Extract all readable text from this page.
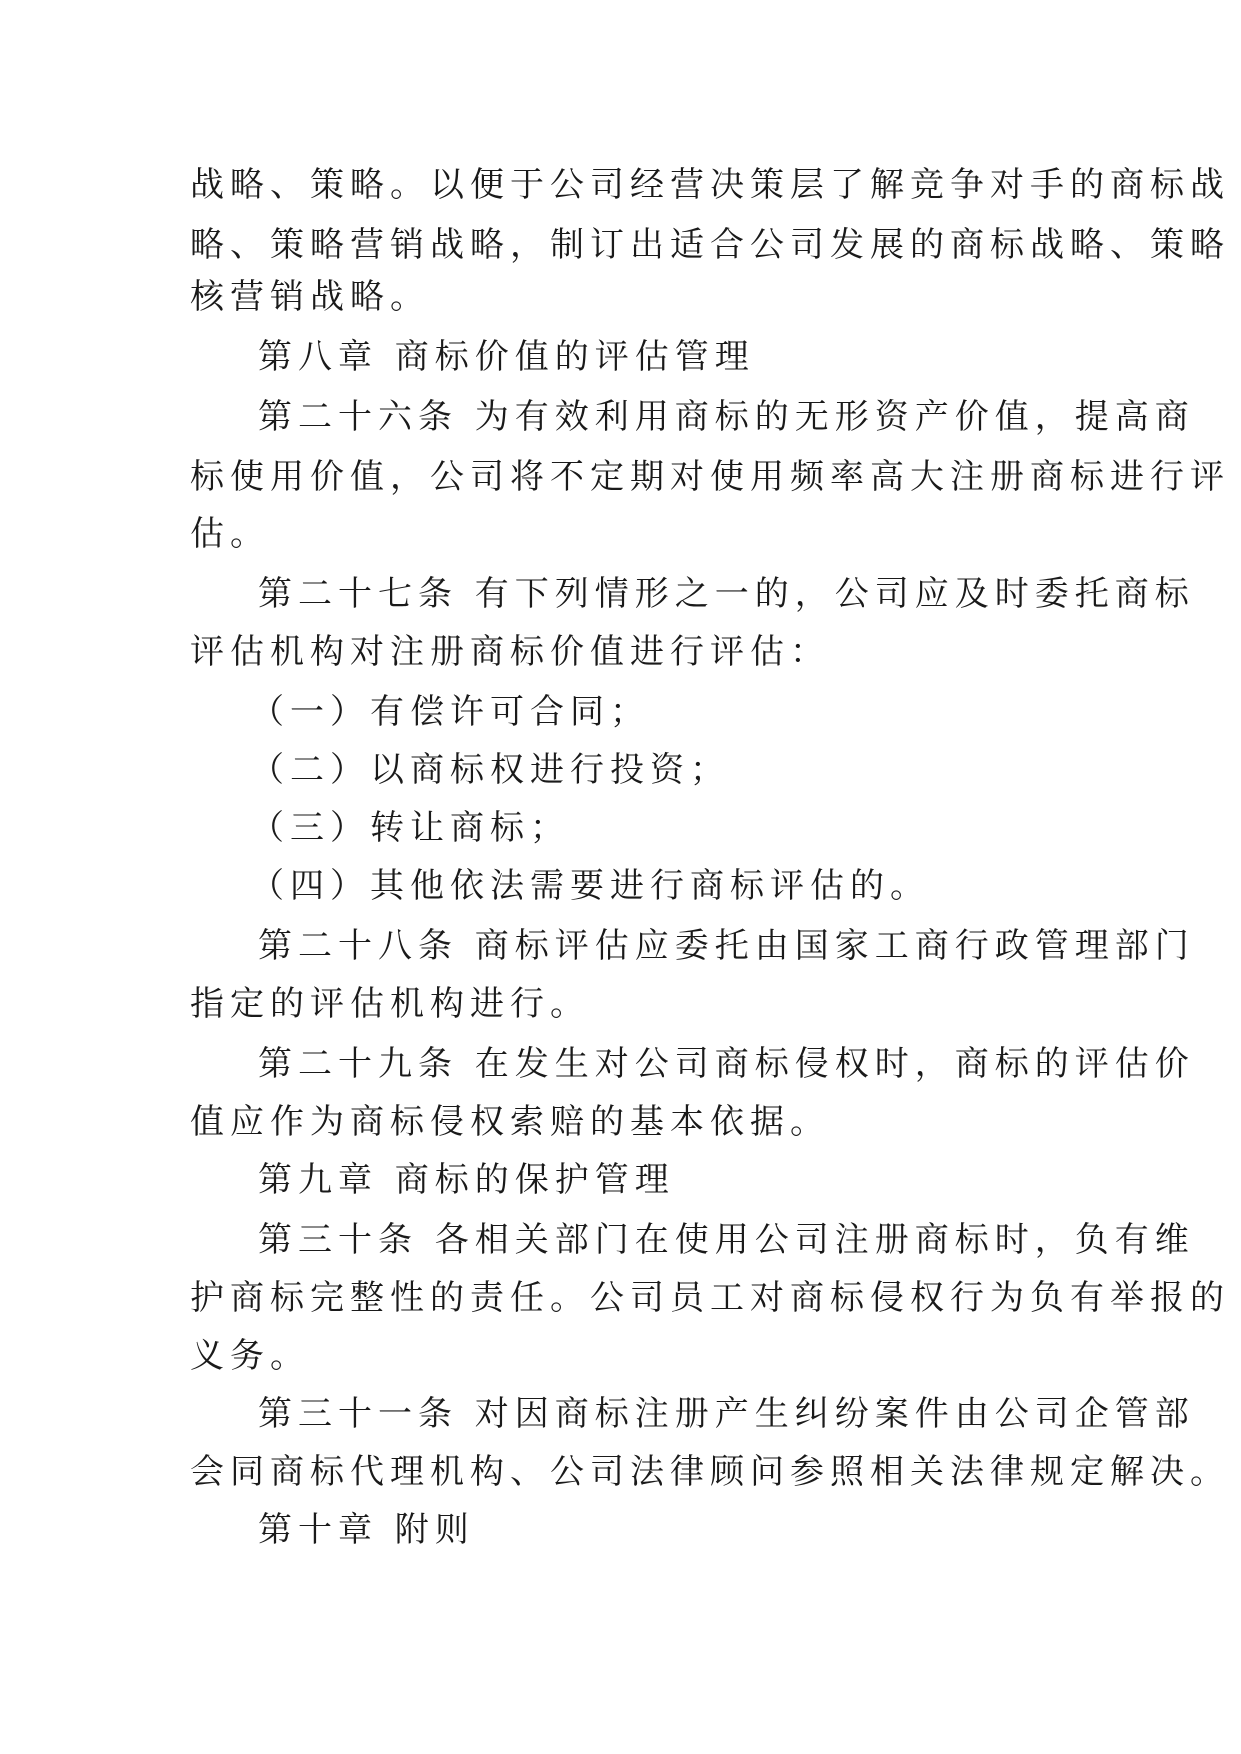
战略、策略。以便于公司经营决策层了解竞争对手的商标战
略、策略营销战略，制订出适合公司发展的商标战略、策略
核营销战略。
第八章 商标价值的评估管理
第二十六条 为有效利用商标的无形资产价值，提高商
标使用价值，公司将不定期对使用频率高大注册商标进行评
估。
第二十七条 有下列情形之一的，公司应及时委托商标
评估机构对注册商标价值进行评估：
（一）有偿许可合同；
（二）以商标权进行投资；
（三）转让商标；
（四）其他依法需要进行商标评估的。
第二十八条 商标评估应委托由国家工商行政管理部门
指定的评估机构进行。
第二十九条 在发生对公司商标侵权时，商标的评估价
值应作为商标侵权索赔的基本依据。
第九章 商标的保护管理
第三十条 各相关部门在使用公司注册商标时，负有维
护商标完整性的责任。公司员工对商标侵权行为负有举报的
义务。
第三十一条 对因商标注册产生纠纷案件由公司企管部
会同商标代理机构、公司法律顾问参照相关法律规定解决。
第十章 附则
